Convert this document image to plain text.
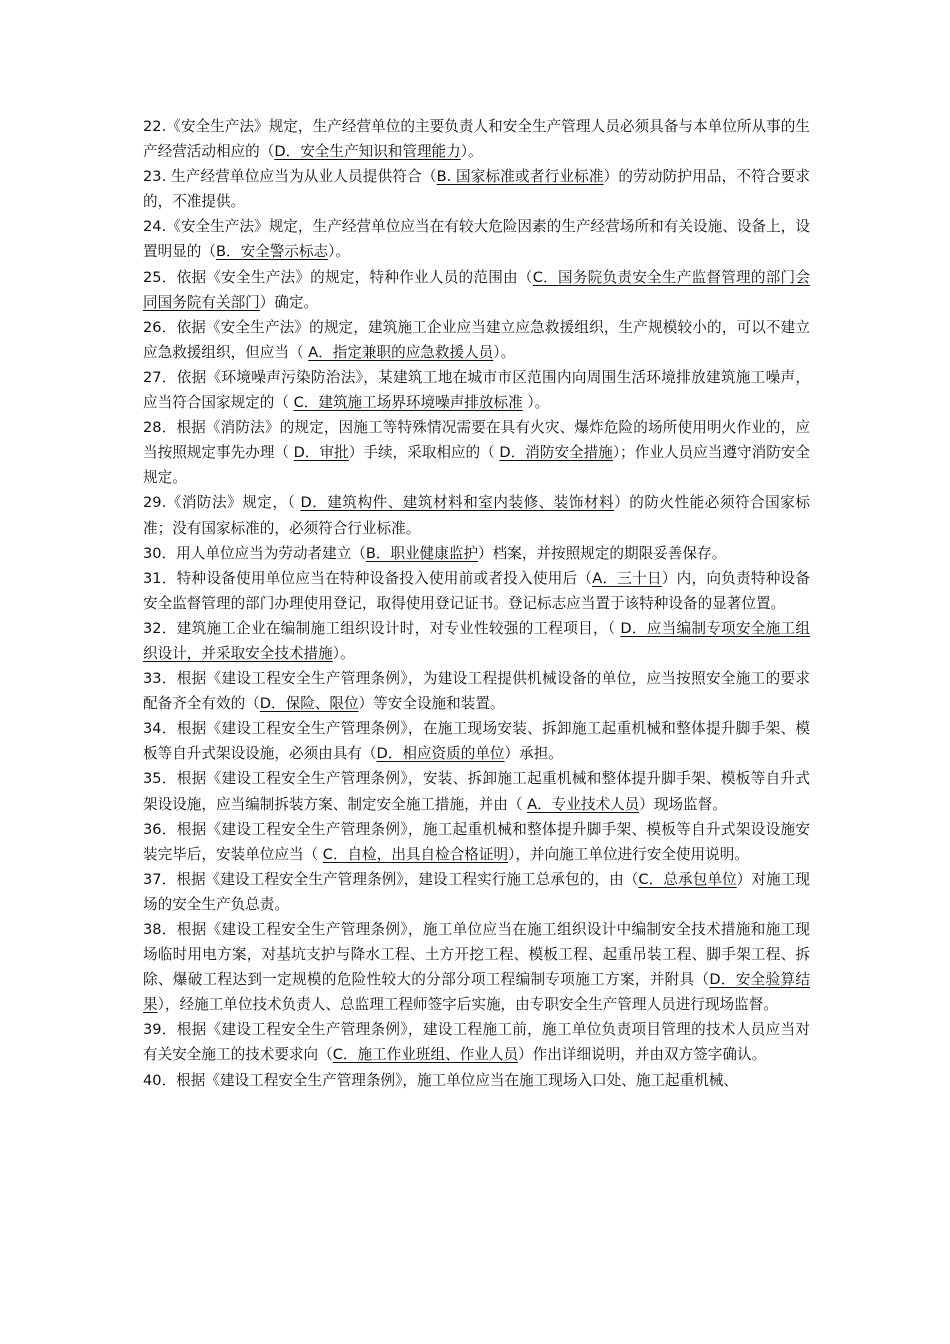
22.《安全生产法》规定，生产经营单位的主要负责人和安全生产管理人员必须具备与本单位所从事的生产经营活动相应的（D．安全生产知识和管理能力）。

23. 生产经营单位应当为从业人员提供符合（B. 国家标准或者行业标准）的劳动防护用品，不符合要求的，不准提供。

24.《安全生产法》规定，生产经营单位应当在有较大危险因素的生产经营场所和有关设施、设备上，设置明显的（B．安全警示标志）。

25．依据《安全生产法》的规定，特种作业人员的范围由（C．国务院负责安全生产监督管理的部门会同国务院有关部门）确定。

26．依据《安全生产法》的规定，建筑施工企业应当建立应急救援组织，生产规模较小的，可以不建立应急救援组织，但应当（ A．指定兼职的应急救援人员）。

27．依据《环境噪声污染防治法》，某建筑工地在城市市区范围内向周围生活环境排放建筑施工噪声，应当符合国家规定的（ C．建筑施工场界环境噪声排放标准 ）。

28．根据《消防法》的规定，因施工等特殊情况需要在具有火灾、爆炸危险的场所使用明火作业的，应当按照规定事先办理（ D．审批）手续，采取相应的（ D．消防安全措施）；作业人员应当遵守消防安全规定。

29.《消防法》规定，（ D．建筑构件、建筑材料和室内装修、装饰材料）的防火性能必须符合国家标准；没有国家标准的，必须符合行业标准。

30．用人单位应当为劳动者建立（B．职业健康监护）档案，并按照规定的期限妥善保存。

31．特种设备使用单位应当在特种设备投入使用前或者投入使用后（A．三十日）内，向负责特种设备安全监督管理的部门办理使用登记，取得使用登记证书。登记标志应当置于该特种设备的显著位置。

32．建筑施工企业在编制施工组织设计时，对专业性较强的工程项目，（ D．应当编制专项安全施工组织设计，并采取安全技术措施）。

33．根据《建设工程安全生产管理条例》，为建设工程提供机械设备的单位，应当按照安全施工的要求配备齐全有效的（D．保险、限位）等安全设施和装置。

34．根据《建设工程安全生产管理条例》，在施工现场安装、拆卸施工起重机械和整体提升脚手架、模板等自升式架设设施，必须由具有（D．相应资质的单位）承担。

35．根据《建设工程安全生产管理条例》，安装、拆卸施工起重机械和整体提升脚手架、模板等自升式架设设施，应当编制拆装方案、制定安全施工措施，并由（ A．专业技术人员）现场监督。

36．根据《建设工程安全生产管理条例》，施工起重机械和整体提升脚手架、模板等自升式架设设施安装完毕后，安装单位应当（ C．自检，出具自检合格证明），并向施工单位进行安全使用说明。

37．根据《建设工程安全生产管理条例》，建设工程实行施工总承包的，由（C．总承包单位）对施工现场的安全生产负总责。

38．根据《建设工程安全生产管理条例》，施工单位应当在施工组织设计中编制安全技术措施和施工现场临时用电方案，对基坑支护与降水工程、土方开挖工程、模板工程、起重吊装工程、脚手架工程、拆除、爆破工程达到一定规模的危险性较大的分部分项工程编制专项施工方案，并附具（D．安全验算结果），经施工单位技术负责人、总监理工程师签字后实施，由专职安全生产管理人员进行现场监督。

39．根据《建设工程安全生产管理条例》，建设工程施工前，施工单位负责项目管理的技术人员应当对有关安全施工的技术要求向（C．施工作业班组、作业人员）作出详细说明，并由双方签字确认。

40．根据《建设工程安全生产管理条例》，施工单位应当在施工现场入口处、施工起重机械、
